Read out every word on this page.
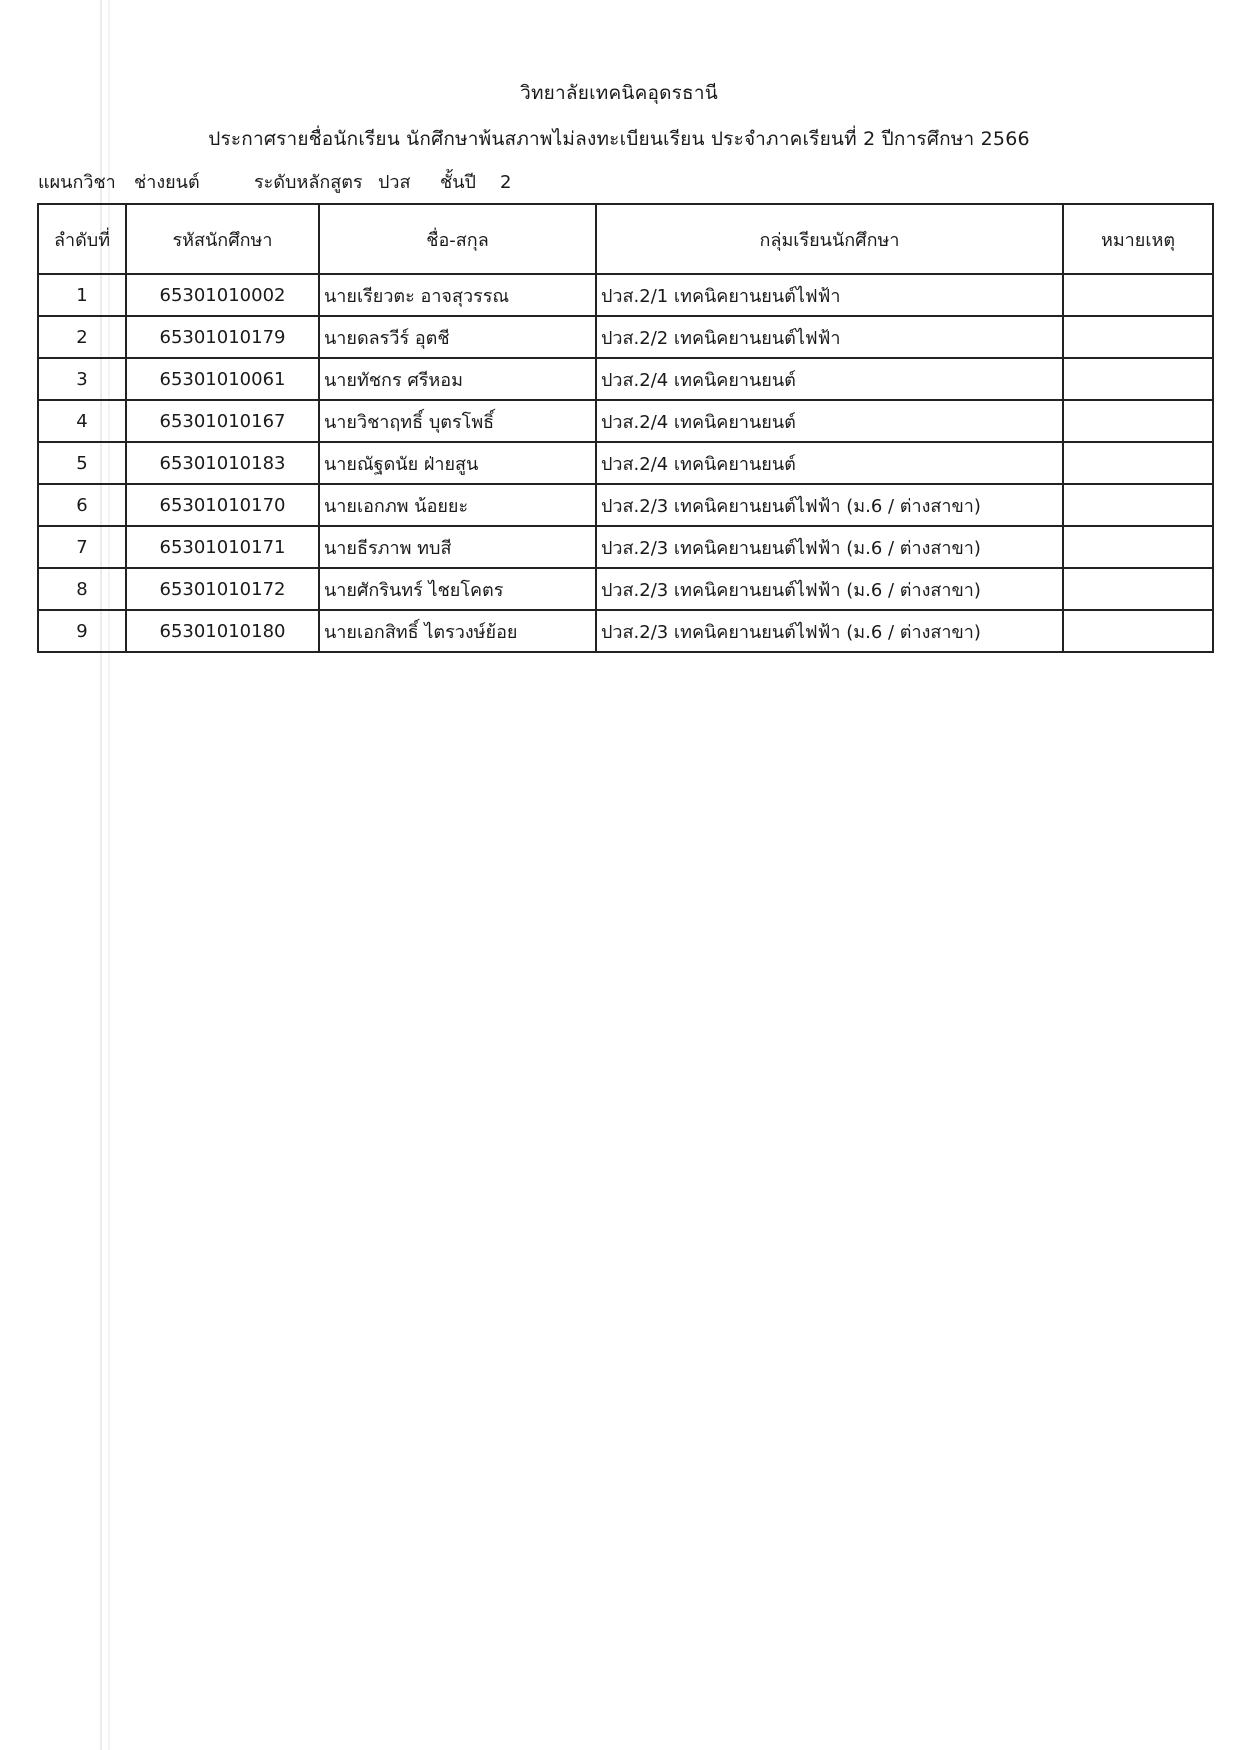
วิทยาลัยเทคนิคอุดรธานี
ประกาศรายชื่อนักเรียน นักศึกษาพ้นสภาพไม่ลงทะเบียนเรียน ประจำภาคเรียนที่ 2 ปีการศึกษา 2566
แผนกวิชา ช่างยนต์	ระดับหลักสูตร ปวส ชั้นปี 2
ลำดับที่	รหัสนักศึกษา	ชื่อ-สกุล	กลุ่มเรียนนักศึกษา	หมายเหตุ
1	65301010002	นายเรียวตะ อาจสุวรรณ	ปวส.2/1 เทคนิคยานยนต์ไฟฟ้า	
2	65301010179	นายดลรวีร์ อุตชี	ปวส.2/2 เทคนิคยานยนต์ไฟฟ้า	
3	65301010061	นายทัชกร ศรีหอม	ปวส.2/4 เทคนิคยานยนต์	
4	65301010167	นายวิชาฤทธิ์ บุตรโพธิ์	ปวส.2/4 เทคนิคยานยนต์	
5	65301010183	นายณัฐดนัย ฝ่ายสูน	ปวส.2/4 เทคนิคยานยนต์	
6	65301010170	นายเอกภพ น้อยยะ	ปวส.2/3 เทคนิคยานยนต์ไฟฟ้า (ม.6 / ต่างสาขา)	
7	65301010171	นายธีรภาพ ทบสี	ปวส.2/3 เทคนิคยานยนต์ไฟฟ้า (ม.6 / ต่างสาขา)	
8	65301010172	นายศักรินทร์ ไชยโคตร	ปวส.2/3 เทคนิคยานยนต์ไฟฟ้า (ม.6 / ต่างสาขา)	
9	65301010180	นายเอกสิทธิ์ ไตรวงษ์ย้อย	ปวส.2/3 เทคนิคยานยนต์ไฟฟ้า (ม.6 / ต่างสาขา)	
